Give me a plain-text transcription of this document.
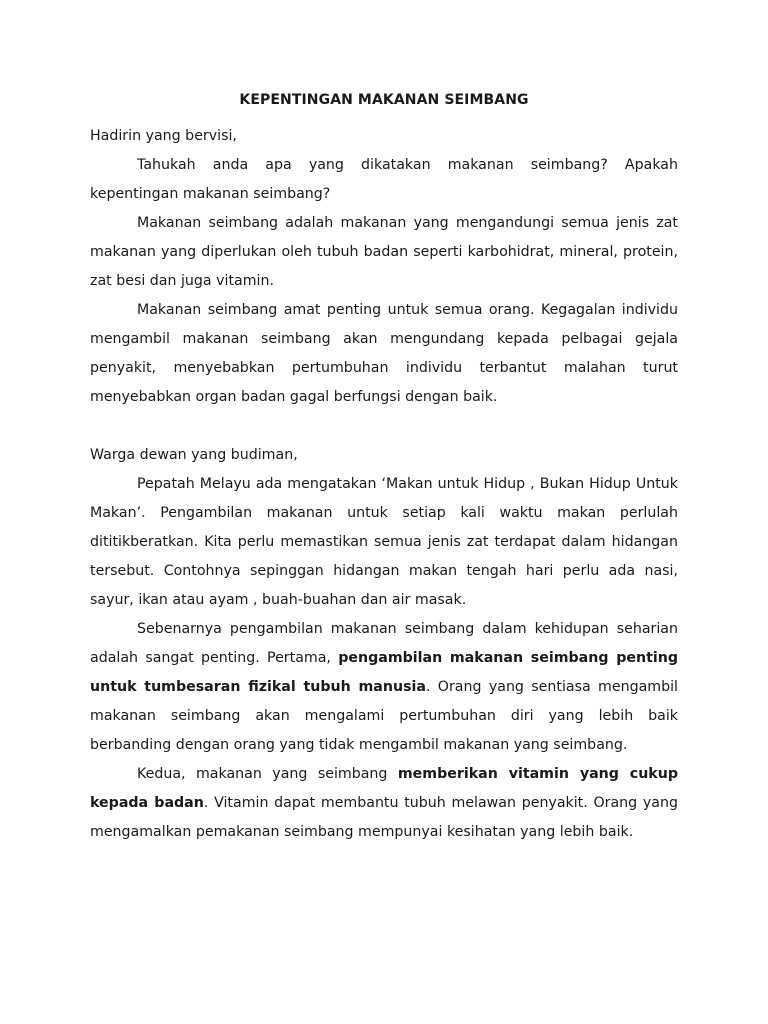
KEPENTINGAN MAKANAN SEIMBANG

Hadirin yang bervisi,

Tahukah anda apa yang dikatakan makanan seimbang? Apakah kepentingan makanan seimbang?

Makanan seimbang adalah makanan yang mengandungi semua jenis zat makanan yang diperlukan oleh tubuh badan seperti karbohidrat, mineral, protein, zat besi dan juga vitamin.

Makanan seimbang amat penting untuk semua orang. Kegagalan individu mengambil makanan seimbang akan mengundang kepada pelbagai gejala penyakit, menyebabkan pertumbuhan individu terbantut malahan turut menyebabkan organ badan gagal berfungsi dengan baik.

Warga dewan yang budiman,

Pepatah Melayu ada mengatakan ‘Makan untuk Hidup , Bukan Hidup Untuk Makan’. Pengambilan makanan untuk setiap kali waktu makan perlulah dititikberatkan. Kita perlu memastikan semua jenis zat terdapat dalam hidangan tersebut. Contohnya sepinggan hidangan makan tengah hari perlu ada nasi, sayur, ikan atau ayam , buah-buahan dan air masak.

Sebenarnya pengambilan makanan seimbang dalam kehidupan seharian adalah sangat penting. Pertama, pengambilan makanan seimbang penting untuk tumbesaran fizikal tubuh manusia. Orang yang sentiasa mengambil makanan seimbang akan mengalami pertumbuhan diri yang lebih baik berbanding dengan orang yang tidak mengambil makanan yang seimbang.

Kedua, makanan yang seimbang memberikan vitamin yang cukup kepada badan. Vitamin dapat membantu tubuh melawan penyakit. Orang yang mengamalkan pemakanan seimbang mempunyai kesihatan yang lebih baik.
